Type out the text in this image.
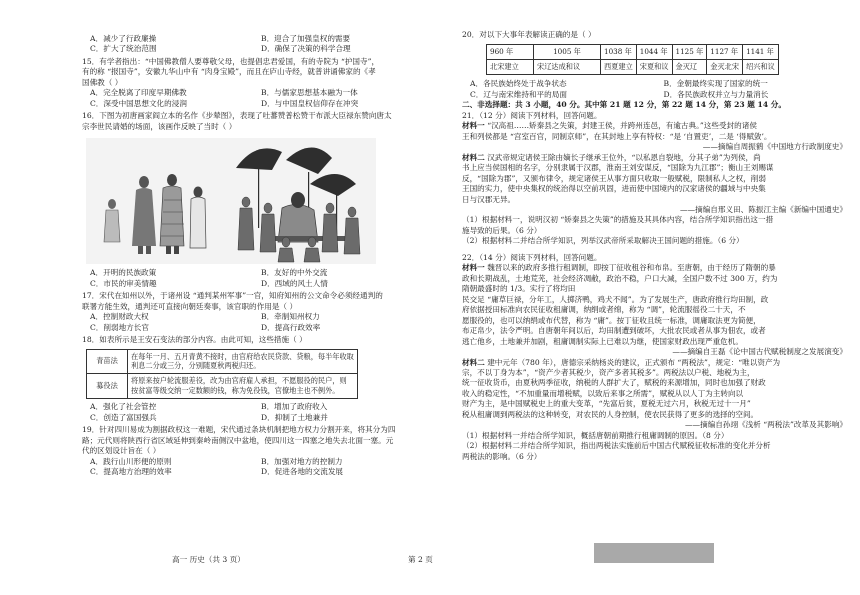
A．减少了行政廉操	B．迎合了加强皇权的需要
C．扩大了统治范围	D．确保了决策的科学合理
15．有学者指出：“中国佛教僧人要尊敬父母，也提倡忠君爱国，有的寺院为 “护国寺”，
有的称 “报国寺”，安徽九华山中有 “肉身宝殿”，而且在庐山寺经，就普讲诵佛家的《孝
国佛教（ ）
A．完全脱离了印度早期佛教	B．与儒家思想基本融为一体
C．深受中国思想文化的浸润	D．与中国皇权信仰存在冲突
16．下图为初唐画家阎立本的名作《步辇图》，表现了吐蕃赞普松赞干布派大臣禄东赞向唐太
宗李世民请婚的场面，该画作反映了当时（ ）
A．开明的民族政策	B．友好的中外交流
C．市民的审美情趣	D．西域的风土人情
17．宋代在如州以外，于诸州设 “通判某州军事”一官，知府知州的公文命令必须经通判的
联署方能生效，通判还可直接向朝廷奏事，该官职的作用是（ ）
A．控制财政大权	B．牵制知州权力
C．削弱地方长官	D．提高行政效率
18．如表所示是王安石变法的部分内容。由此可知，这些措施（ ）
青苗法	在每年一月、五月青黄不接时，由官府给农民贷款、贷粮，每半年收取
利息二分或三分，分别随夏秋两税归还。

募役法	将原来按户轮流服差役，改为由官府雇人承担，不愿服役的民户，则
按贫富等级交纳一定数额的钱，称为免役钱，官僚地主也不例外。
A．强化了社会管控	B．增加了政府收入
C．创造了富国强兵	D．抑制了土地兼并
19．针对四川易成为割据政权这一难题，宋代通过条块机制把地方权力分割开来，将其分为四
路；元代则将陕西行省区域延伸到秦岭南侧汉中盆地，使四川这一四塞之地失去北面一塞。元
代的区划设计旨在（ ）
A．践行山川形便的原则	B．加强对地方的控制力
C．提高地方治理的效率	D．促进各地的交流发展
高一 历史（共 3 页）	第 2 页
20．对以下大事年表解读正确的是（ ）
960 年	1005 年	1038 年	1044 年	1125 年	1127 年	1141 年
北宋建立	宋辽达成和议	西夏建立	宋夏和议	金灭辽	金灭北宋	绍兴和议
A．各民族始终处于战争状态	B．金朝最终实现了国家的统一
C．辽与南宋维持和平的局面	D．各民族政权并立与力量消长
二、非选择题：共 3 小题，40 分。其中第 21 题 12 分，第 22 题 14 分，第 23 题 14 分。
21．（12 分）阅读下列材料，回答问题。
材料一 “汉高祖……矫秦县之失策，封建王侯，并跨州连邑，有逾古典。”这些受封的诸侯
王和列侯都是 “宫室百官，同制京师”，在其封地上享有特权：“是 ‘自置吏’，二是 ‘得赋敛’。
——摘编自周振鹤《中国地方行政制度史》
材料二 汉武帝规定诸侯王除由嫡长子继承王位外，“以私恩自裂地，分其子弟”为列侯，尚
书上应当侯国相的名字，分别隶属于汉郡，淮南王刘安谋反，“国除为九江郡”；衡山王刘赐谋
反，“国除为郡”，又颁布律令，规定诸侯王从事方面只收取一般赋税，限制私人之权，削弱
王国的实力，使中央集权的统治得以空前巩固，进而使中国境内的汉家诸侯的疆域与中央集
日与汉郡无异。
——摘编自邢义田、陈振江主编《新编中国通史》
（1）根据材料一，说明汉初 “矫秦县之失策”的措施及其具体内容，结合所学知识指出这一措
施导致的后果。（6 分）
（2）根据材料二并结合所学知识，列举汉武帝所采取解决王国问题的措施。（6 分）
22．（14 分）阅读下列材料，回答问题。
材料一 魏晋以来的政府多推行租调制，即按丁征收租谷和布帛。至唐朝，由于经历了隋朝的暴
政和长期战乱，土地荒芜，社会经济凋敝，政治不稳，户口大减，全国户数不过 300 万，约为
隋朝最盛时的 1/3。实行了将均田
民交足 “庸草巨禄，分年工，人掷济鸭，鸡犬不闻”。为了发展生产，唐政府推行均田制，政
府依据授田标准向农民征收租庸调，纳绢或者绵，称为 “调”，轮流服徭役二十天，不
愿服役的，也可以纳绢或布代替，称为 “庸”。按丁征收且统一标准，调庸取法更为简便，
布疋帛少，法令严明。自唐朝年间以后，均田制遭到破坏，大批农民或者从事为佃农，或者
逃亡他乡，土地兼并加剧，租庸调制实际上已难以为继，使国家财政出现严重危机。
——摘编自王磊《论中国古代赋税制度之发展演变》
材料二 建中元年（780 年），唐德宗采纳杨炎的建议，正式颁布 “两税法”，规定：“唯以资产为
宗，不以丁身为本”，“资产少者其税少，资产多者其税多”。两税法以户税、地税为主，
统一征收货币，由夏秋两季征收，纳税的人群扩大了，赋税的来源增加，同时也加强了财政
收入的稳定性，“不加重量而增税赋，以致后来事之所需”，赋税从以人丁为主转向以
财产为主，是中国赋税史上的重大变革，“先富后贫，夏税无过六月，秋税无过十一月”
税从租庸调到两税法的这种转变，对农民的人身控制，使农民获得了更多的选择的空间。
——摘编自孙翊《浅析 “两税法”改革及其影响》
（1）根据材料一并结合所学知识，概括唐朝前期推行租庸调制的原因。（8 分）
（2）根据材料二并结合所学知识，指出两税法实施前后中国古代赋税征收标准的变化并分析
两税法的影响。（6 分）
